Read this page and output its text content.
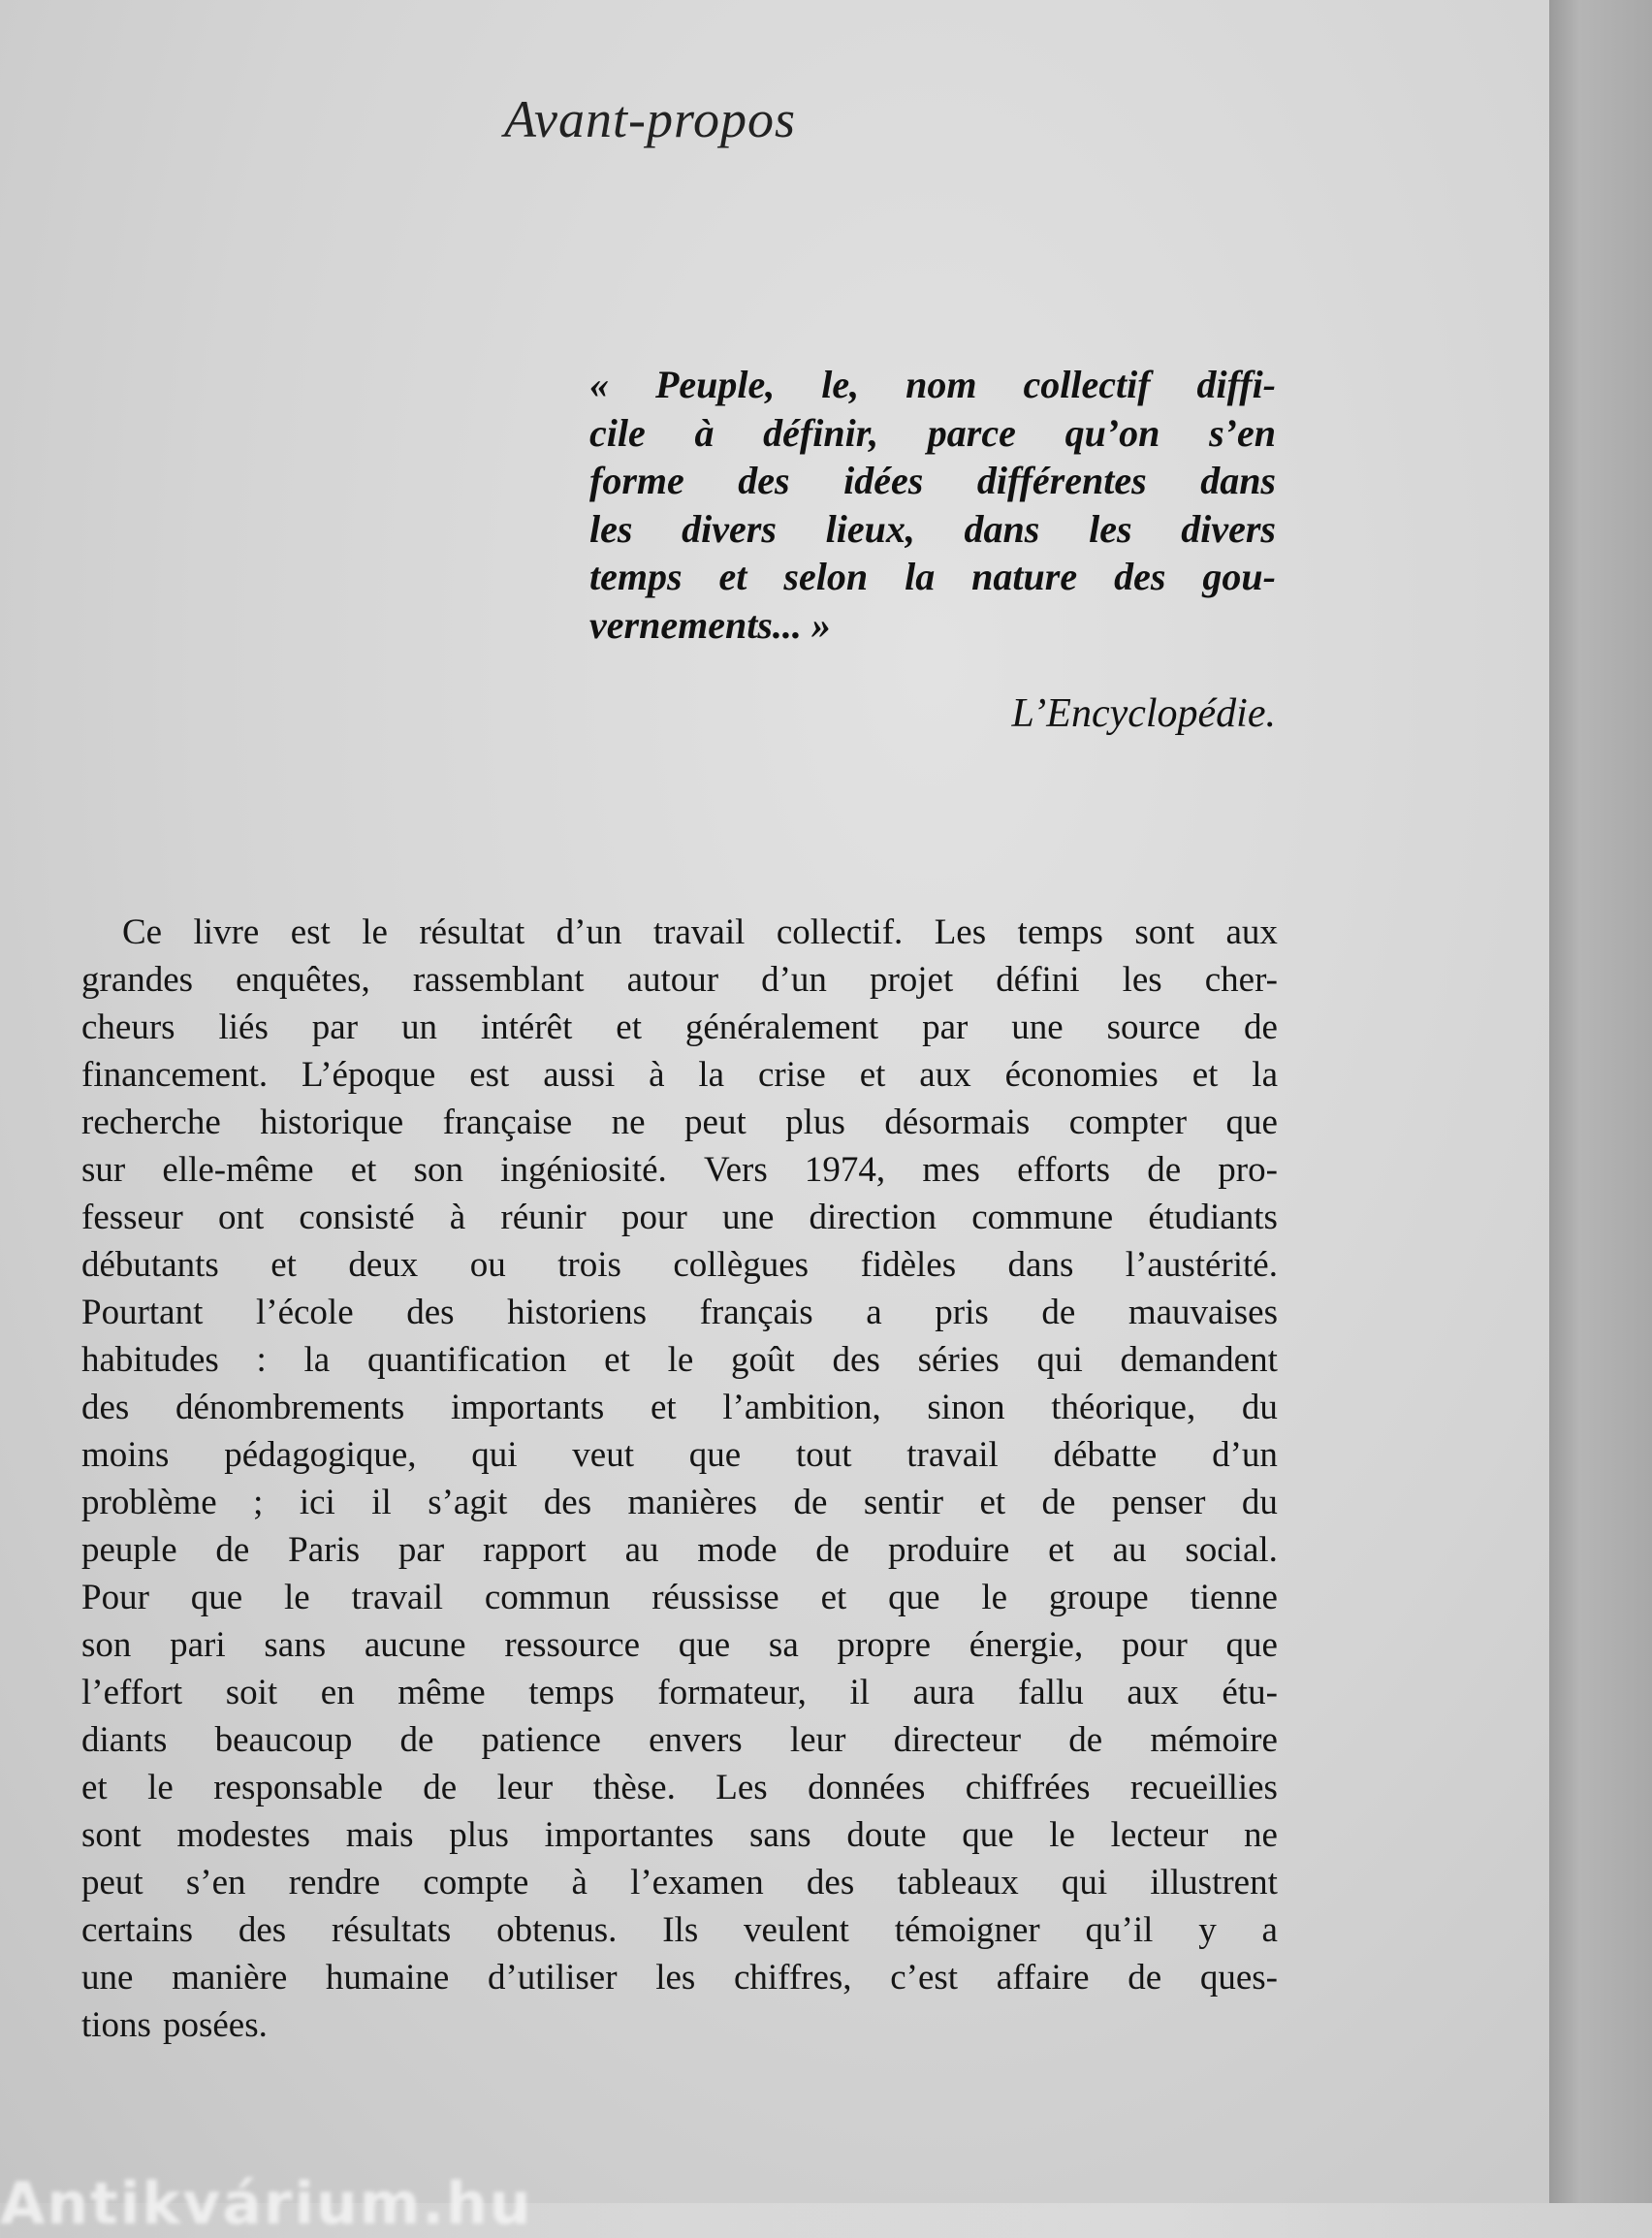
Avant-propos
« Peuple, le, nom collectif diffi-
cile à définir, parce qu’on s’en
forme des idées différentes dans
les divers lieux, dans les divers
temps et selon la nature des gou-
vernements... »
L’Encyclopédie.
Ce livre est le résultat d’un travail collectif. Les temps sont aux
grandes enquêtes, rassemblant autour d’un projet défini les cher-
cheurs liés par un intérêt et généralement par une source de
financement. L’époque est aussi à la crise et aux économies et la
recherche historique française ne peut plus désormais compter que
sur elle-même et son ingéniosité. Vers 1974, mes efforts de pro-
fesseur ont consisté à réunir pour une direction commune étudiants
débutants et deux ou trois collègues fidèles dans l’austérité.
Pourtant l’école des historiens français a pris de mauvaises
habitudes : la quantification et le goût des séries qui demandent
des dénombrements importants et l’ambition, sinon théorique, du
moins pédagogique, qui veut que tout travail débatte d’un
problème ; ici il s’agit des manières de sentir et de penser du
peuple de Paris par rapport au mode de produire et au social.
Pour que le travail commun réussisse et que le groupe tienne
son pari sans aucune ressource que sa propre énergie, pour que
l’effort soit en même temps formateur, il aura fallu aux étu-
diants beaucoup de patience envers leur directeur de mémoire
et le responsable de leur thèse. Les données chiffrées recueillies
sont modestes mais plus importantes sans doute que le lecteur ne
peut s’en rendre compte à l’examen des tableaux qui illustrent
certains des résultats obtenus. Ils veulent témoigner qu’il y a
une manière humaine d’utiliser les chiffres, c’est affaire de ques-
tions posées.
Antikvárium.hu
